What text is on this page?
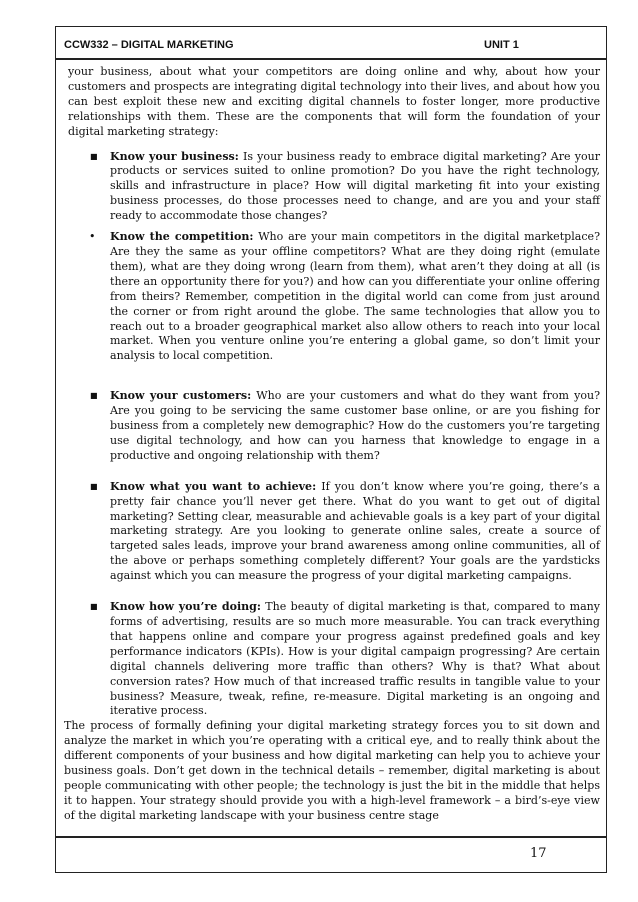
CCW332 – DIGITAL MARKETING	UNIT 1

your business, about what your competitors are doing online and why, about how your customers and prospects are integrating digital technology into their lives, and about how you can best exploit these new and exciting digital channels to foster longer, more productive relationships with them. These are the components that will form the foundation of your digital marketing strategy:

■ Know your business: Is your business ready to embrace digital marketing? Are your products or services suited to online promotion? Do you have the right technology, skills and infrastructure in place? How will digital marketing fit into your existing business processes, do those processes need to change, and are you and your staff ready to accommodate those changes?
• Know the competition: Who are your main competitors in the digital marketplace? Are they the same as your offline competitors? What are they doing right (emulate them), what are they doing wrong (learn from them), what aren’t they doing at all (is there an opportunity there for you?) and how can you differentiate your online offering from theirs? Remember, competition in the digital world can come from just around the corner or from right around the globe. The same technologies that allow you to reach out to a broader geographical market also allow others to reach into your local market. When you venture online you’re entering a global game, so don’t limit your analysis to local competition.
■ Know your customers: Who are your customers and what do they want from you? Are you going to be servicing the same customer base online, or are you fishing for business from a completely new demographic? How do the customers you’re targeting use digital technology, and how can you harness that knowledge to engage in a productive and ongoing relationship with them?
■ Know what you want to achieve: If you don’t know where you’re going, there’s a pretty fair chance you’ll never get there. What do you want to get out of digital marketing? Setting clear, measurable and achievable goals is a key part of your digital marketing strategy. Are you looking to generate online sales, create a source of targeted sales leads, improve your brand awareness among online communities, all of the above or perhaps something completely different? Your goals are the yardsticks against which you can measure the progress of your digital marketing campaigns.
■ Know how you’re doing: The beauty of digital marketing is that, compared to many forms of advertising, results are so much more measurable. You can track everything that happens online and compare your progress against predefined goals and key performance indicators (KPIs). How is your digital campaign progressing? Are certain digital channels delivering more traffic than others? Why is that? What about conversion rates? How much of that increased traffic results in tangible value to your business? Measure, tweak, refine, re-measure. Digital marketing is an ongoing and iterative process.

The process of formally defining your digital marketing strategy forces you to sit down and analyze the market in which you’re operating with a critical eye, and to really think about the different components of your business and how digital marketing can help you to achieve your business goals. Don’t get down in the technical details – remember, digital marketing is about people communicating with other people; the technology is just the bit in the middle that helps it to happen. Your strategy should provide you with a high-level framework – a bird’s-eye view of the digital marketing landscape with your business centre stage

17
